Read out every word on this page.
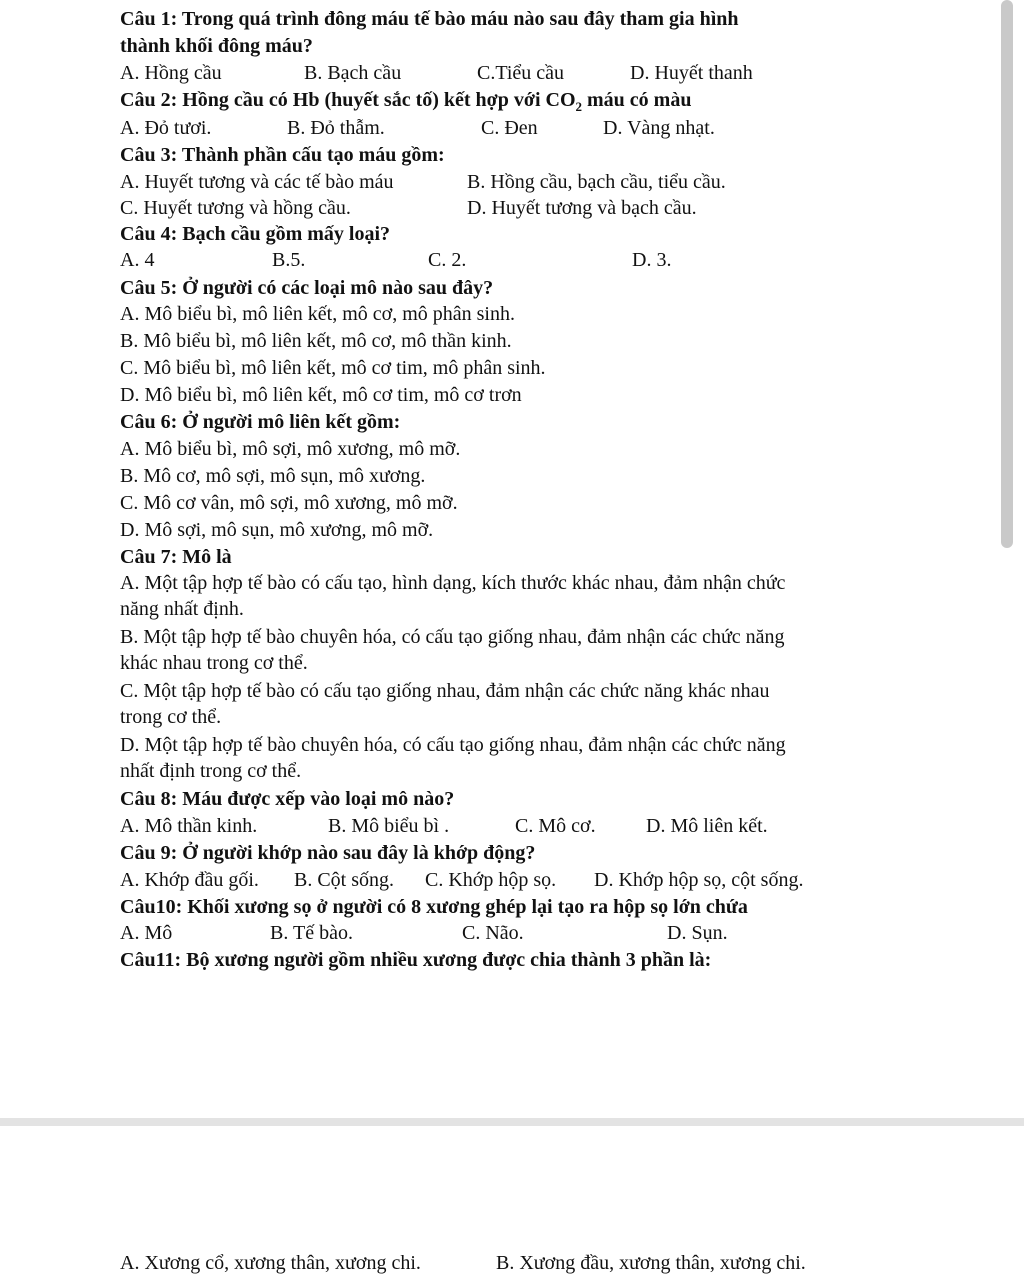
Câu 1: Trong quá trình đông máu tế bào máu nào sau đây tham gia hình
thành khối đông máu?
A. Hồng cầu	B. Bạch cầu	C.Tiểu cầu	D. Huyết thanh
Câu 2: Hồng cầu có Hb (huyết sắc tố) kết hợp với $CO_2$ máu có màu
A. Đỏ tươi.	B. Đỏ thẫm.	C. Đen	D. Vàng nhạt.
Câu 3: Thành phần cấu tạo máu gồm:
A. Huyết tương và các tế bào máu	B. Hồng cầu, bạch cầu, tiểu cầu.
C. Huyết tương và hồng cầu.	D. Huyết tương và bạch cầu.
Câu 4: Bạch cầu gồm mấy loại?
A. 4	B.5.	C. 2.	D. 3.
Câu 5: Ở người có các loại mô nào sau đây?
A. Mô biểu bì, mô liên kết, mô cơ, mô phân sinh.
B. Mô biểu bì, mô liên kết, mô cơ, mô thần kinh.
C. Mô biểu bì, mô liên kết, mô cơ tim, mô phân sinh.
D. Mô biểu bì, mô liên kết, mô cơ tim, mô cơ trơn
Câu 6: Ở người mô liên kết gồm:
A. Mô biểu bì, mô sợi, mô xương, mô mỡ.
B. Mô cơ, mô sợi, mô sụn, mô xương.
C. Mô cơ vân, mô sợi, mô xương, mô mỡ.
D. Mô sợi, mô sụn, mô xương, mô mỡ.
Câu 7: Mô là
A. Một tập hợp tế bào có cấu tạo, hình dạng, kích thước khác nhau, đảm nhận chức
năng nhất định.
B. Một tập hợp tế bào chuyên hóa, có cấu tạo giống nhau, đảm nhận các chức năng
khác nhau trong cơ thể.
C. Một tập hợp tế bào có cấu tạo giống nhau, đảm nhận các chức năng khác nhau
trong cơ thể.
D. Một tập hợp tế bào chuyên hóa, có cấu tạo giống nhau, đảm nhận các chức năng
nhất định trong cơ thể.
Câu 8: Máu được xếp vào loại mô nào?
A. Mô thần kinh.	B. Mô biểu bì .	C. Mô cơ.	D. Mô liên kết.
Câu 9: Ở người khớp nào sau đây là khớp động?
A. Khớp đầu gối. B. Cột sống. C. Khớp hộp sọ. D. Khớp hộp sọ, cột sống.
Câu10: Khối xương sọ ở người có 8 xương ghép lại tạo ra hộp sọ lớn chứa
A. Mô	B. Tế bào.	C. Não.	D. Sụn.
Câu11: Bộ xương người gồm nhiều xương được chia thành 3 phần là:
A. Xương cổ, xương thân, xương chi.	B. Xương đầu, xương thân, xương chi.
